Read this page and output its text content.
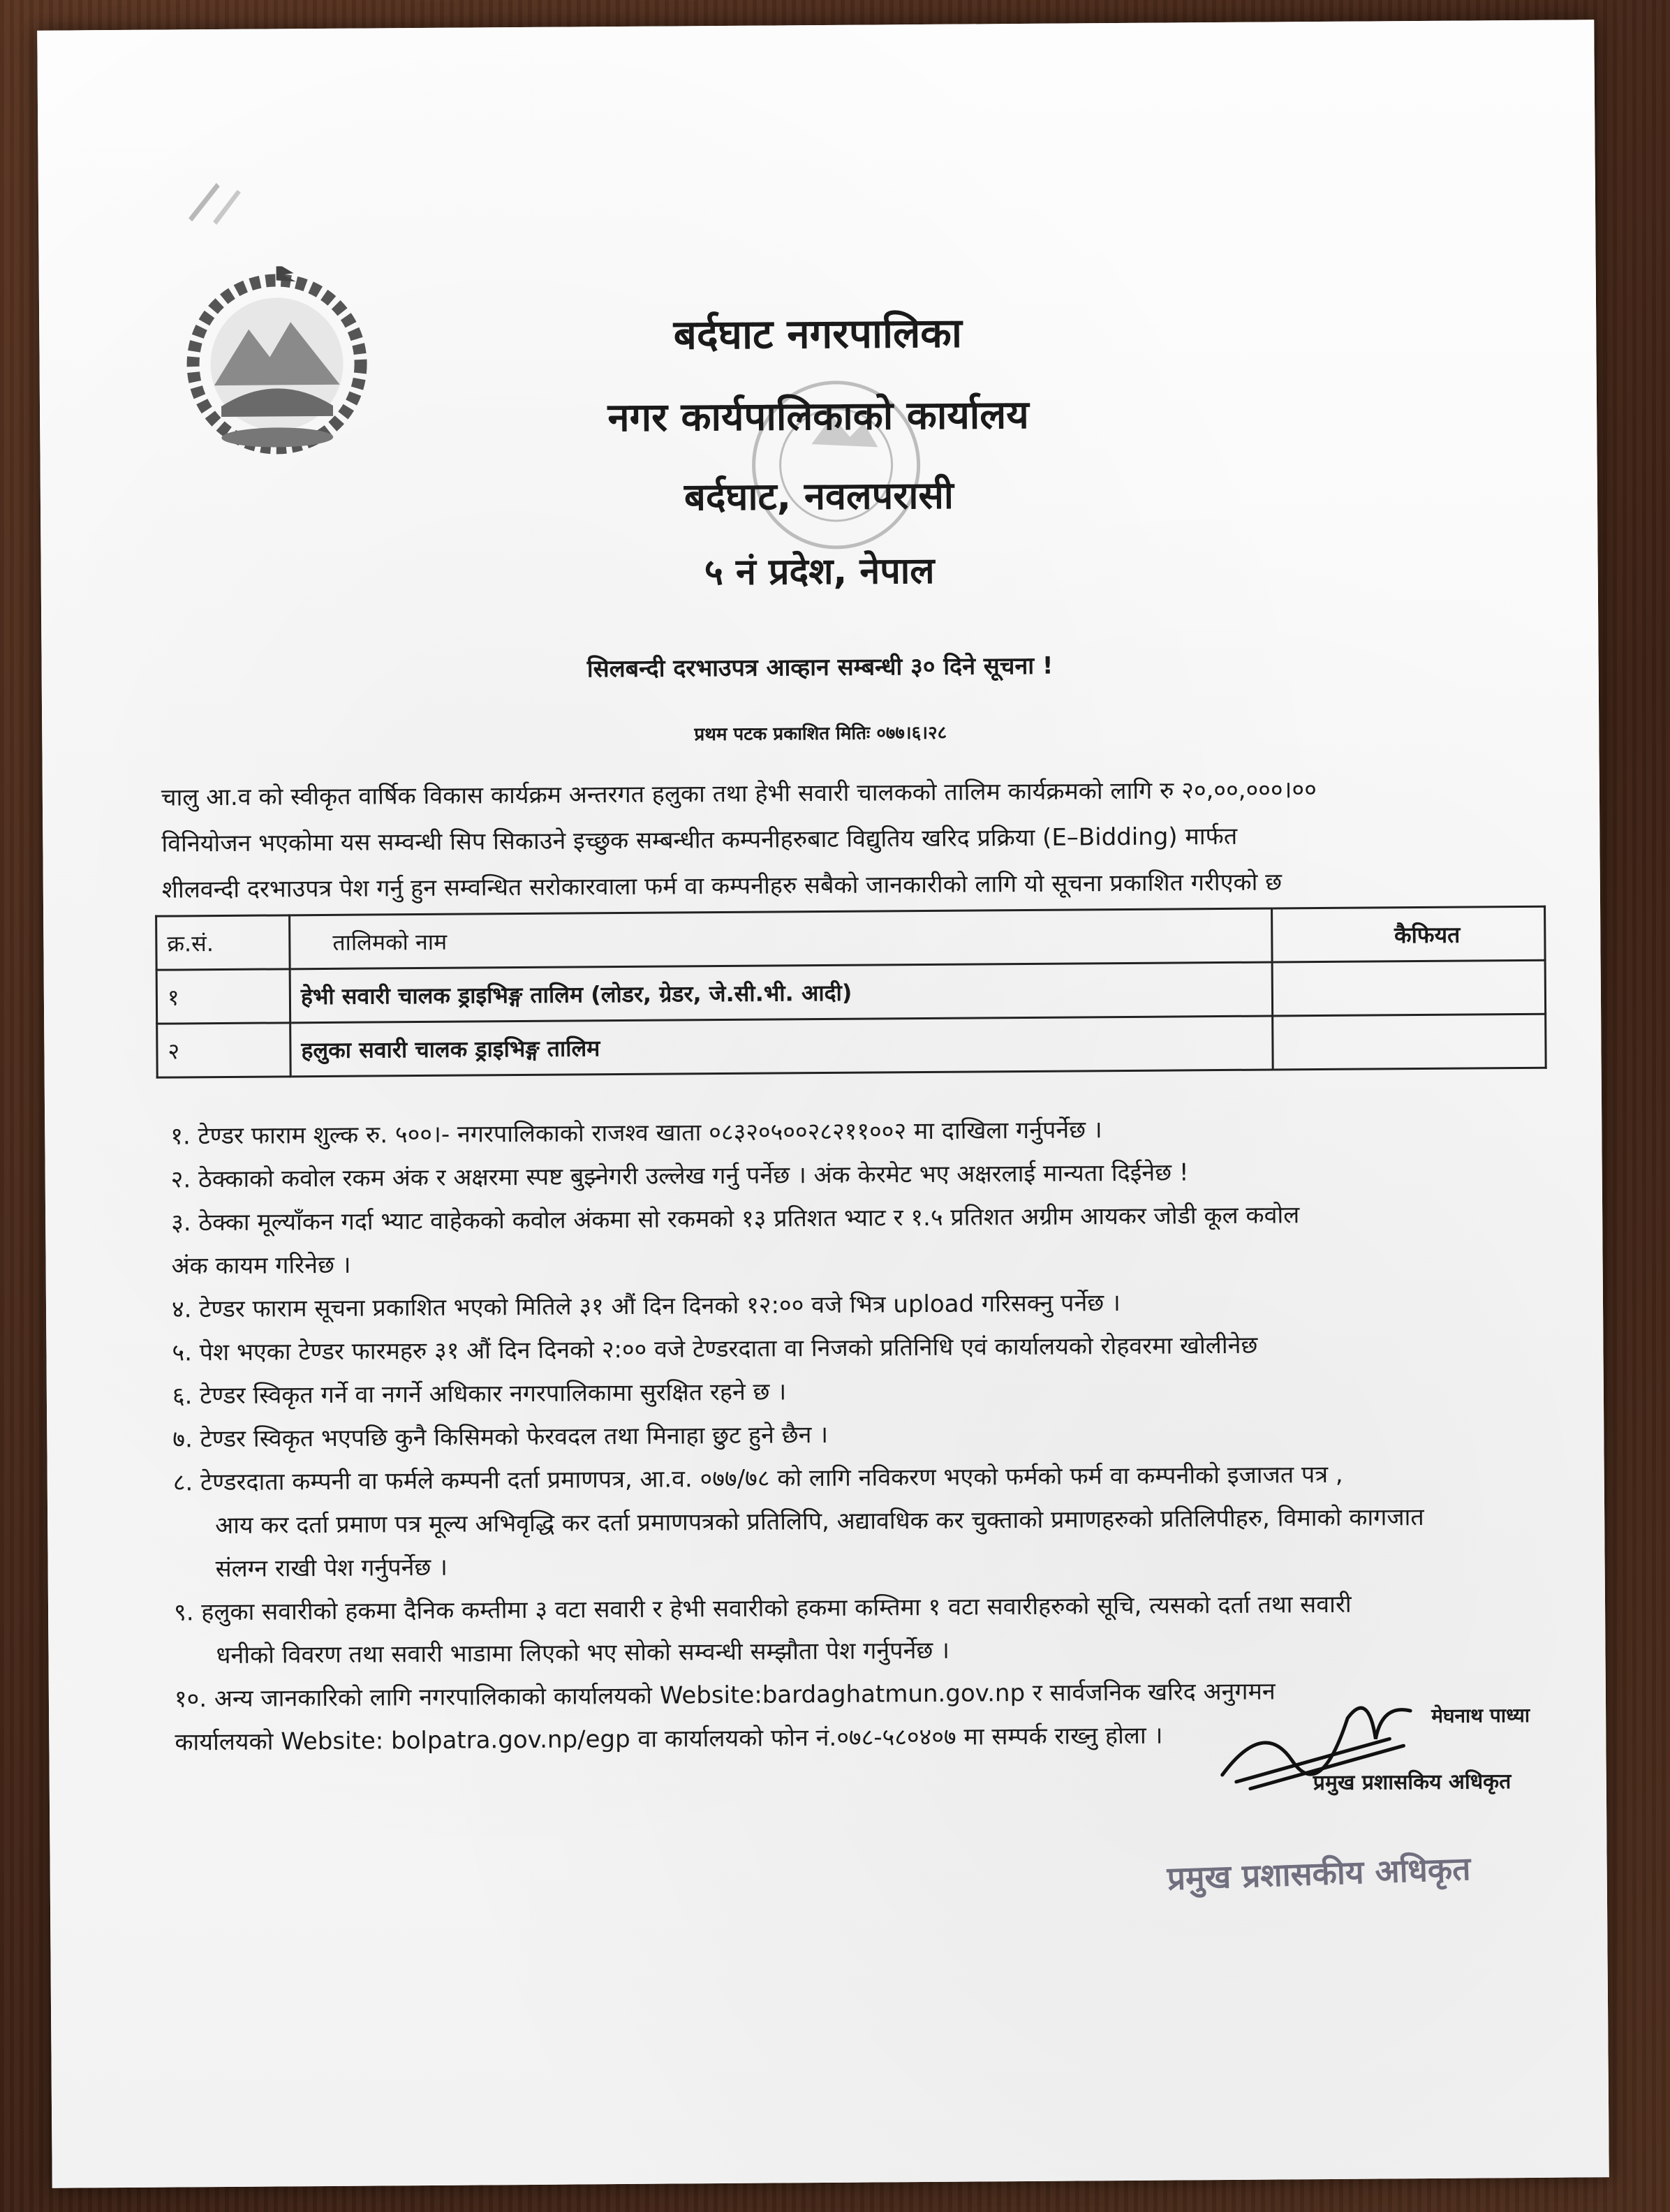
बर्दघाट नगरपालिका
नगर कार्यपालिकाको कार्यालय
बर्दघाट, नवलपरासी
५ नं प्रदेश, नेपाल
सिलबन्दी दरभाउपत्र आव्हान सम्बन्धी ३० दिने सूचना !
प्रथम पटक प्रकाशित मितिः ०७७।६।२८

चालु आ.व को स्वीकृत वार्षिक विकास कार्यक्रम अन्तरगत हलुका तथा हेभी सवारी चालकको तालिम कार्यक्रमको लागि रु २०,००,०००।००

विनियोजन भएकोमा यस सम्वन्धी सिप सिकाउने इच्छुक सम्बन्धीत कम्पनीहरुबाट विद्युतिय खरिद प्रक्रिया (E–Bidding) मार्फत

शीलवन्दी दरभाउपत्र पेश गर्नु हुन सम्वन्धित सरोकारवाला फर्म वा कम्पनीहरु सबैको जानकारीको लागि यो सूचना प्रकाशित गरीएको छ

क्र.सं.	तालिमको नाम	कैफियत
१	हेभी सवारी चालक ड्राइभिङ्ग तालिम (लोडर, ग्रेडर, जे.सी.भी. आदी)	
२	हलुका सवारी चालक ड्राइभिङ्ग तालिम	

१. टेण्डर फाराम शुल्क रु. ५००।- नगरपालिकाको राजश्व खाता ०८३२०५००२८२११००२ मा दाखिला गर्नुपर्नेछ ।

२. ठेक्काको कवोल रकम अंक र अक्षरमा स्पष्ट बुझ्नेगरी उल्लेख गर्नु पर्नेछ । अंक केरमेट भए अक्षरलाई मान्यता दिईनेछ !

३. ठेक्का मूल्याँकन गर्दा भ्याट वाहेकको कवोल अंकमा सो रकमको १३ प्रतिशत भ्याट र १.५ प्रतिशत अग्रीम आयकर जोडी कूल कवोल

अंक कायम गरिनेछ ।

४. टेण्डर फाराम सूचना प्रकाशित भएको मितिले ३१ औं दिन दिनको १२:०० वजे भित्र upload गरिसक्नु पर्नेछ ।

५. पेश भएका टेण्डर फारमहरु ३१ औं दिन दिनको २:०० वजे टेण्डरदाता वा निजको प्रतिनिधि एवं कार्यालयको रोहवरमा खोलीनेछ

६. टेण्डर स्विकृत गर्ने वा नगर्ने अधिकार नगरपालिकामा सुरक्षित रहने छ ।

७. टेण्डर स्विकृत भएपछि कुनै किसिमको फेरवदल तथा मिनाहा छुट हुने छैन ।

८. टेण्डरदाता कम्पनी वा फर्मले कम्पनी दर्ता प्रमाणपत्र, आ.व. ०७७/७८ को लागि नविकरण भएको फर्मको फर्म वा कम्पनीको इजाजत पत्र ,

आय कर दर्ता प्रमाण पत्र मूल्य अभिवृद्धि कर दर्ता प्रमाणपत्रको प्रतिलिपि, अद्यावधिक कर चुक्ताको प्रमाणहरुको प्रतिलिपीहरु, विमाको कागजात

संलग्न राखी पेश गर्नुपर्नेछ ।

९. हलुका सवारीको हकमा दैनिक कम्तीमा ३ वटा सवारी र हेभी सवारीको हकमा कम्तिमा १ वटा सवारीहरुको सूचि, त्यसको दर्ता तथा सवारी

धनीको विवरण तथा सवारी भाडामा लिएको भए सोको सम्वन्धी सम्झौता पेश गर्नुपर्नेछ ।

१०. अन्य जानकारिको लागि नगरपालिकाको कार्यालयको Website:bardaghatmun.gov.np र सार्वजनिक खरिद अनुगमन

कार्यालयको Website: bolpatra.gov.np/egp वा कार्यालयको फोन नं.०७८-५८०४०७ मा सम्पर्क राख्नु होला ।

मेघनाथ पाध्या
प्रमुख प्रशासकिय अधिकृत
प्रमुख प्रशासकीय अधिकृत
